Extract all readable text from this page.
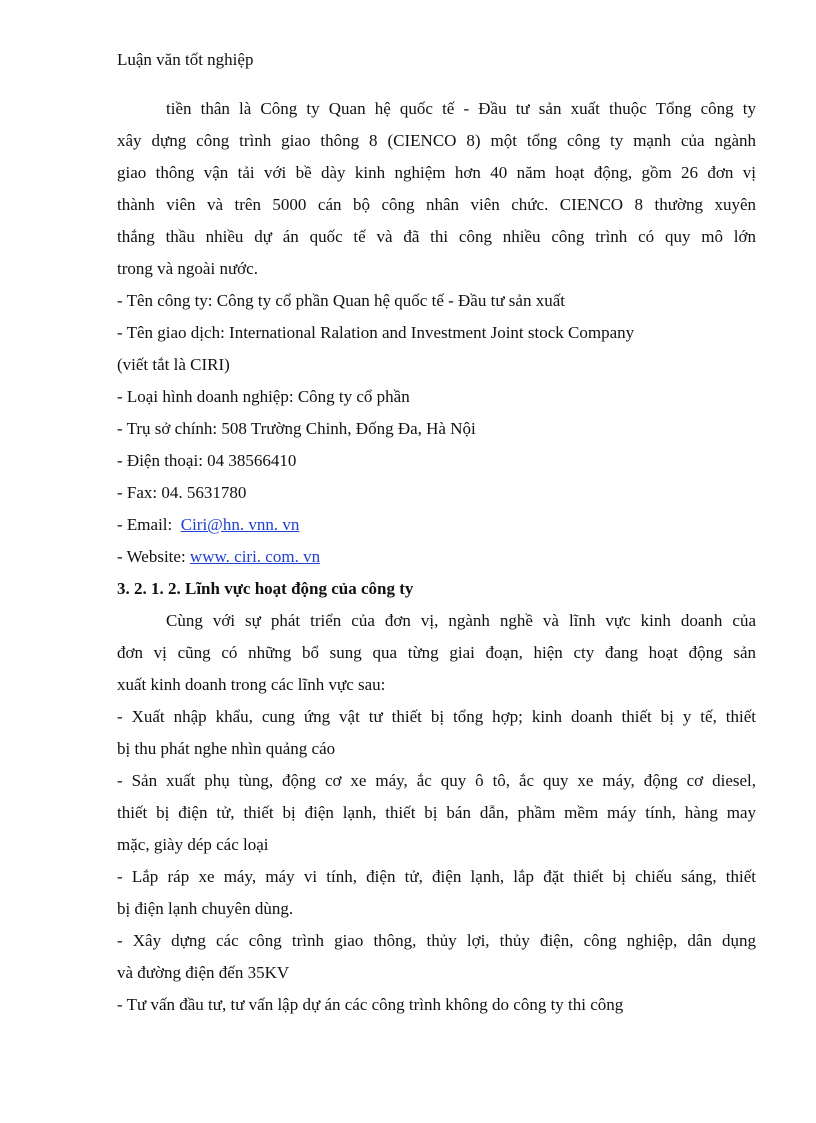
Luận văn tốt nghiệp

tiền thân là Công ty Quan hệ quốc tế - Đầu tư sản xuất thuộc Tổng công ty

xây dựng công trình giao thông 8 (CIENCO 8) một tổng công ty mạnh của ngành

giao thông vận tải với bề dày kinh nghiệm hơn 40 năm hoạt động, gồm 26 đơn vị

thành viên và trên 5000 cán bộ công nhân viên chức. CIENCO 8 thường xuyên

thắng thầu nhiều dự án quốc tế và đã thi công nhiều công trình có quy mô lớn

trong và ngoài nước.

- Tên công ty: Công ty cổ phần Quan hệ quốc tế - Đầu tư sản xuất

- Tên giao dịch: International Ralation and Investment Joint stock Company

(viết tắt là CIRI)

- Loại hình doanh nghiệp: Công ty cổ phần

- Trụ sở chính: 508 Trường Chinh, Đống Đa, Hà Nội

- Điện thoại: 04 38566410

- Fax: 04. 5631780

- Email:  Ciri@hn. vnn. vn

- Website: www. ciri. com. vn

3. 2. 1. 2. Lĩnh vực hoạt động của công ty

Cùng với sự phát triển của đơn vị, ngành nghề và lĩnh vực kinh doanh của

đơn vị cũng có những bổ sung qua từng giai đoạn, hiện cty đang hoạt động sản

xuất kinh doanh trong các lĩnh vực sau:

- Xuất nhập khẩu, cung ứng vật tư thiết bị tổng hợp; kinh doanh thiết bị y tế, thiết

bị thu phát nghe nhìn quảng cáo

- Sản xuất phụ tùng, động cơ xe máy, ắc quy ô tô, ắc quy xe máy, động cơ diesel,

thiết bị điện tử, thiết bị điện lạnh, thiết bị bán dẫn, phầm mềm máy tính, hàng may

mặc, giày dép các loại

- Lắp ráp xe máy, máy vi tính, điện tử, điện lạnh, lắp đặt thiết bị chiếu sáng, thiết

bị điện lạnh chuyên dùng.

- Xây dựng các công trình giao thông, thủy lợi, thủy điện, công nghiệp, dân dụng

và đường điện đến 35KV

- Tư vấn đầu tư, tư vấn lập dự án các công trình không do công ty thi công
